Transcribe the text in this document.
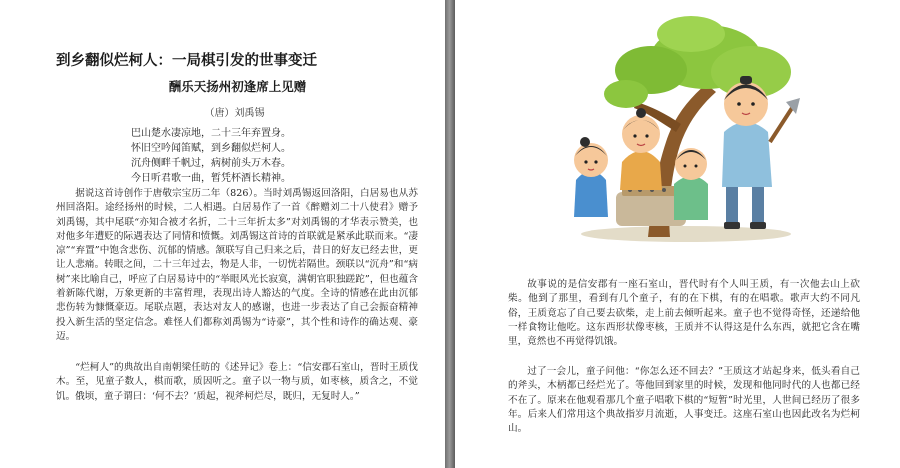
到乡翻似烂柯人：一局棋引发的世事变迁
酬乐天扬州初逢席上见赠
（唐）刘禹锡
巴山楚水凄凉地，二十三年弃置身。
怀旧空吟闻笛赋，到乡翻似烂柯人。
沉舟侧畔千帆过，病树前头万木春。
今日听君歌一曲，暂凭杯酒长精神。

据说这首诗创作于唐敬宗宝历二年（826）。当时刘禹锡返回洛阳，白居易也从苏州回洛阳。途经扬州的时候，二人相遇。白居易作了一首《醉赠刘二十八使君》赠予刘禹锡，其中尾联“亦知合被才名折，二十三年折太多”对刘禹锡的才华表示赞美，也对他多年遭贬的际遇表达了同情和愤慨。刘禹锡这首诗的首联就是紧承此联而来。“凄凉”“弃置”中饱含悲伤、沉郁的情感。颔联写自己归来之后，昔日的好友已经去世，更让人悲痛。转眼之间，二十三年过去，物是人非，一切恍若隔世。颈联以“沉舟”和“病树”来比喻自己，呼应了白居易诗中的“举眼风光长寂寞，满朝官职独蹉跎”，但也蕴含着新陈代谢，万象更新的丰富哲理，表现出诗人豁达的气度。全诗的情感在此由沉郁悲伤转为慷慨豪迈。尾联点题，表达对友人的感谢，也进一步表达了自己会振奋精神投入新生活的坚定信念。难怪人们都称刘禹锡为“诗豪”，其个性和诗作的确达观、豪迈。

“烂柯人”的典故出自南朝梁任昉的《述异记》卷上：“信安郡石室山，晋时王质伐木。至，见童子数人，棋而歌，质因听之。童子以一物与质，如枣核，质含之，不觉饥。俄顷，童子谓曰：‘何不去？’质起，视斧柯烂尽，既归，无复时人。”

故事说的是信安郡有一座石室山，晋代时有个人叫王质，有一次他去山上砍柴。他到了那里，看到有几个童子，有的在下棋，有的在唱歌。歌声大约不同凡俗，王质竟忘了自己要去砍柴，走上前去倾听起来。童子也不觉得奇怪，还递给他一样食物让他吃。这东西形状像枣核，王质并不认得这是什么东西，就把它含在嘴里，竟然也不再觉得饥饿。

过了一会儿，童子问他：“你怎么还不回去？”王质这才站起身来，低头看自己的斧头，木柄都已经烂光了。等他回到家里的时候，发现和他同时代的人也都已经不在了。原来在他观看那几个童子唱歌下棋的“短暂”时光里，人世间已经历了很多年。后来人们常用这个典故指岁月流逝，人事变迁。这座石室山也因此改名为烂柯山。
